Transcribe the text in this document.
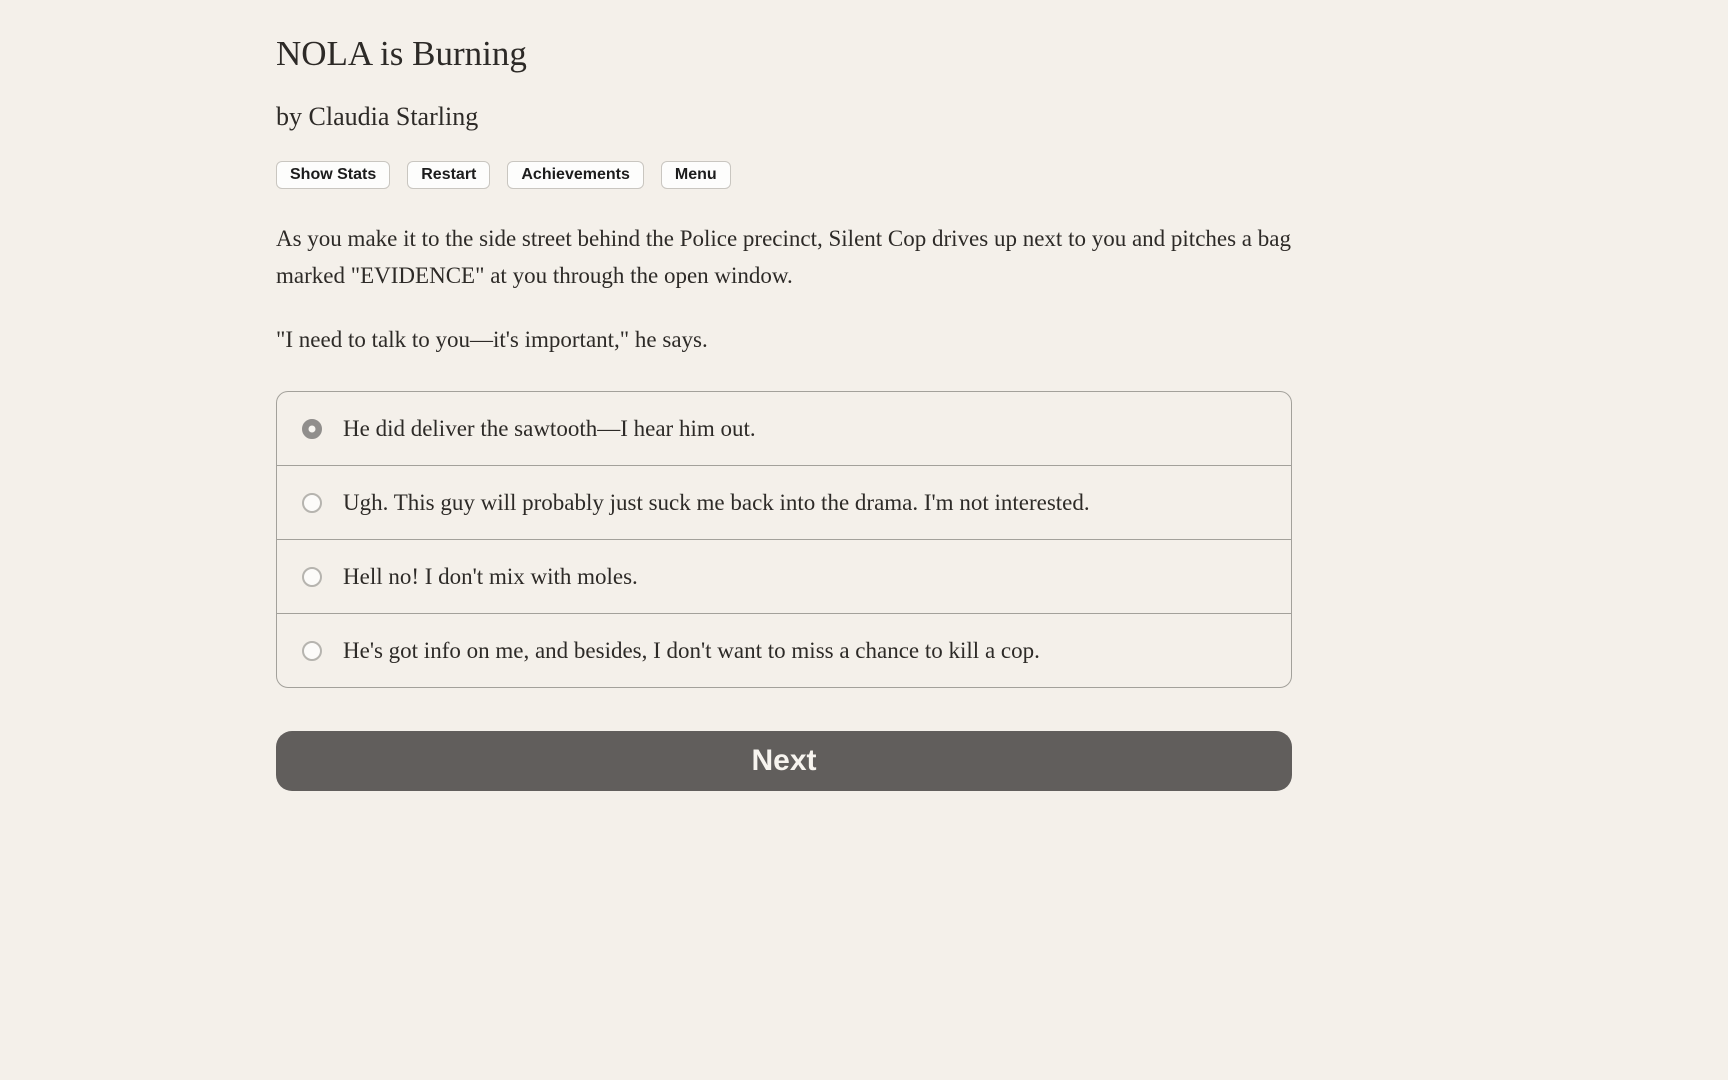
NOLA is Burning
by Claudia Starling
Show Stats	Restart	Achievements	Menu

As you make it to the side street behind the Police precinct, Silent Cop drives up next to you and pitches a bag marked "EVIDENCE" at you through the open window.

"I need to talk to you—it's important," he says.

He did deliver the sawtooth—I hear him out.
Ugh. This guy will probably just suck me back into the drama. I'm not interested.
Hell no! I don't mix with moles.
He's got info on me, and besides, I don't want to miss a chance to kill a cop.
Next
